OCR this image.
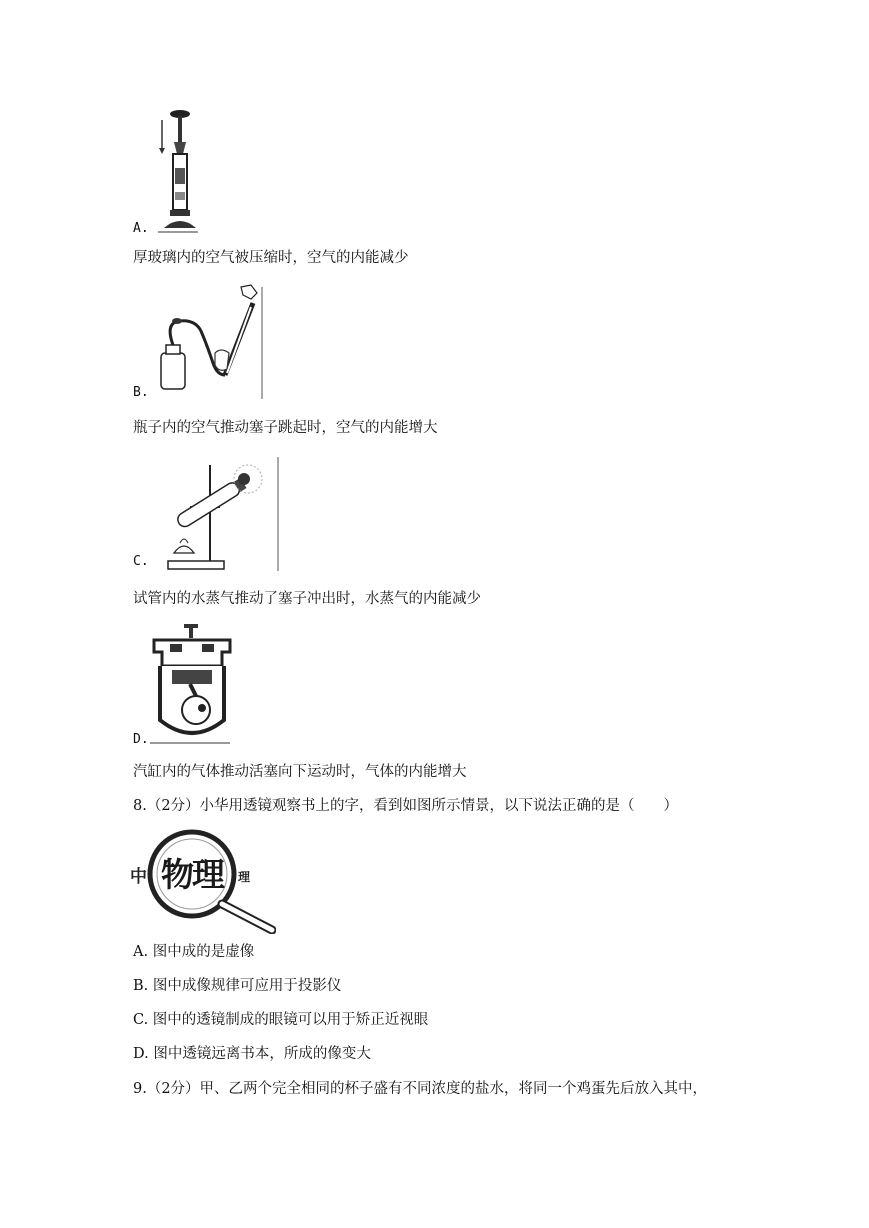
A.
厚玻璃内的空气被压缩时，空气的内能减少
B.
瓶子内的空气推动塞子跳起时，空气的内能增大
C.
试管内的水蒸气推动了塞子冲出时，水蒸气的内能减少
D.
汽缸内的气体推动活塞向下运动时，气体的内能增大
8.（2分）小华用透镜观察书上的字，看到如图所示情景，以下说法正确的是（　　）
中 物理 理
A. 图中成的是虚像
B. 图中成像规律可应用于投影仪
C. 图中的透镜制成的眼镜可以用于矫正近视眼
D. 图中透镜远离书本，所成的像变大
9.（2分）甲、乙两个完全相同的杯子盛有不同浓度的盐水，将同一个鸡蛋先后放入其中，
